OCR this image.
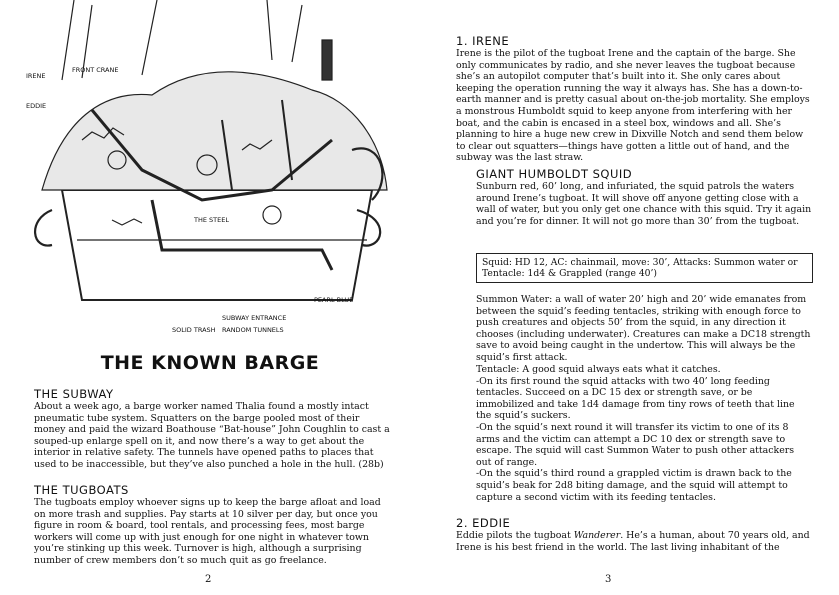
IRENE
EDDIE
FRONT CRANE
THE STEEL
PEARL BLUE
SUBWAY ENTRANCE
RANDOM TUNNELS
SOLID TRASH
THE KNOWN BARGE
THE SUBWAY

About a week ago, a barge worker named Thalia found a mostly intact pneumatic tube system. Squatters on the barge pooled most of their money and paid the wizard Boathouse “Bat-house” John Coughlin to cast a souped-up enlarge spell on it, and now there’s a way to get about the interior in relative safety. The tunnels have opened paths to places that used to be inaccessible, but they’ve also punched a hole in the hull. (28b)

THE TUGBOATS

The tugboats employ whoever signs up to keep the barge afloat and load on more trash and supplies. Pay starts at 10 silver per day, but once you figure in room & board, tool rentals, and processing fees, most barge workers will come up with just enough for one night in whatever town you’re stinking up this week. Turnover is high, although a surprising number of crew members don’t so much quit as go freelance.

2
1. IRENE

Irene is the pilot of the tugboat Irene and the captain of the barge. She only communicates by radio, and she never leaves the tugboat because she’s an autopilot computer that’s built into it. She only cares about keeping the operation running the way it always has. She has a down-to-earth manner and is pretty casual about on-the-job mortality. She employs a monstrous Humboldt squid to keep anyone from interfering with her boat, and the cabin is encased in a steel box, windows and all. She’s planning to hire a huge new crew in Dixville Notch and send them below to clear out squatters—things have gotten a little out of hand, and the subway was the last straw.

GIANT HUMBOLDT SQUID

Sunburn red, 60’ long, and infuriated, the squid patrols the waters around Irene’s tugboat. It will shove off anyone getting close with a wall of water, but you only get one chance with this squid. Try it again and you’re for dinner. It will not go more than 30’ from the tugboat.

Squid: HD 12, AC: chainmail, move: 30’, Attacks: Summon water or Tentacle: 1d4 & Grappled (range 40’)

Summon Water: a wall of water 20’ high and 20’ wide emanates from between the squid’s feeding tentacles, striking with enough force to push creatures and objects 50’ from the squid, in any direction it chooses (including underwater). Creatures can make a DC18 strength save to avoid being caught in the undertow. This will always be the squid’s first attack.

Tentacle: A good squid always eats what it catches.

-On its first round the squid attacks with two 40’ long feeding tentacles. Succeed on a DC 15 dex or strength save, or be immobilized and take 1d4 damage from tiny rows of teeth that line the squid’s suckers.

-On the squid’s next round it will transfer its victim to one of its 8 arms and the victim can attempt a DC 10 dex or strength save to escape. The squid will cast Summon Water to push other attackers out of range.

-On the squid’s third round a grappled victim is drawn back to the squid’s beak for 2d8 biting damage, and the squid will attempt to capture a second victim with its feeding tentacles.

2. EDDIE

Eddie pilots the tugboat Wanderer. He’s a human, about 70 years old, and Irene is his best friend in the world. The last living inhabitant of the

3
